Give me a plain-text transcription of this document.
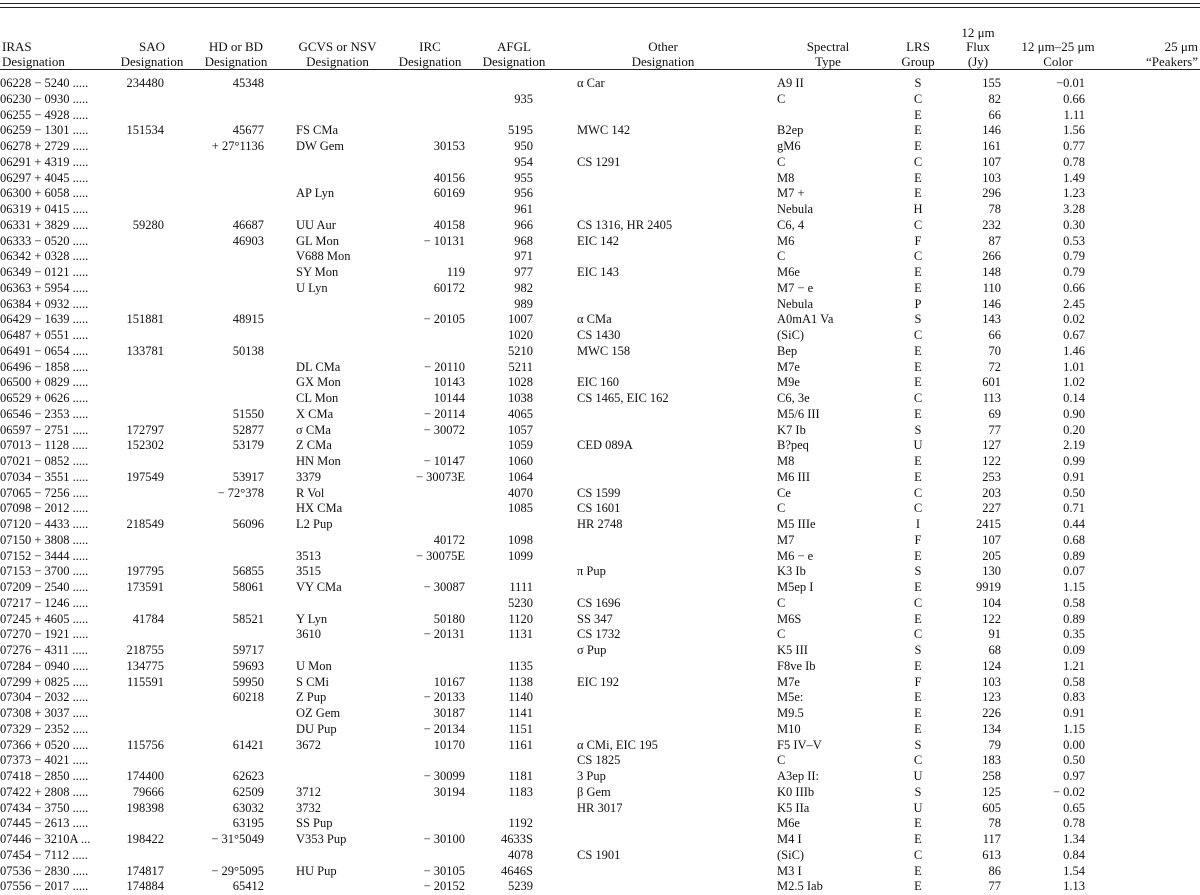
IRAS
Designation	SAO
Designation	HD or BD
Designation	GCVS or NSV
Designation	IRC
Designation	AFGL
Designation	Other
Designation	Spectral
Type	LRS
Group	12 μm
Flux
(Jy)	12 μm–25 μm
Color	25 μm
“Peakers”

06228 − 5240 .....	234480	45348				α Car	A9 II	S	155	−0.01	
06230 − 0930 .....					935		C	C	82	0.66	
06255 − 4928 .....								E	66	1.11	
06259 − 1301 .....	151534	45677	FS CMa		5195	MWC 142	B2ep	E	146	1.56	
06278 + 2729 .....		+ 27°1136	DW Gem	30153	950		gM6	E	161	0.77	
06291 + 4319 .....					954	CS 1291	C	C	107	0.78	
06297 + 4045 .....				40156	955		M8	E	103	1.49	
06300 + 6058 .....			AP Lyn	60169	956		M7 +	E	296	1.23	
06319 + 0415 .....					961		Nebula	H	78	3.28	
06331 + 3829 .....	59280	46687	UU Aur	40158	966	CS 1316, HR 2405	C6, 4	C	232	0.30	
06333 − 0520 .....		46903	GL Mon	− 10131	968	EIC 142	M6	F	87	0.53	
06342 + 0328 .....			V688 Mon		971		C	C	266	0.79	
06349 − 0121 .....			SY Mon	119	977	EIC 143	M6e	E	148	0.79	
06363 + 5954 .....			U Lyn	60172	982		M7 − e	E	110	0.66	
06384 + 0932 .....					989		Nebula	P	146	2.45	
06429 − 1639 .....	151881	48915		− 20105	1007	α CMa	A0mA1 Va	S	143	0.02	
06487 + 0551 .....					1020	CS 1430	(SiC)	C	66	0.67	
06491 − 0654 .....	133781	50138			5210	MWC 158	Bep	E	70	1.46	
06496 − 1858 .....			DL CMa	− 20110	5211		M7e	E	72	1.01	
06500 + 0829 .....			GX Mon	10143	1028	EIC 160	M9e	E	601	1.02	
06529 + 0626 .....			CL Mon	10144	1038	CS 1465, EIC 162	C6, 3e	C	113	0.14	
06546 − 2353 .....		51550	X CMa	− 20114	4065		M5/6 III	E	69	0.90	
06597 − 2751 .....	172797	52877	σ CMa	− 30072	1057		K7 Ib	S	77	0.20	
07013 − 1128 .....	152302	53179	Z CMa		1059	CED 089A	B?peq	U	127	2.19	
07021 − 0852 .....			HN Mon	− 10147	1060		M8	E	122	0.99	
07034 − 3551 .....	197549	53917	3379	− 30073E	1064		M6 III	E	253	0.91	
07065 − 7256 .....		− 72°378	R Vol		4070	CS 1599	Ce	C	203	0.50	
07098 − 2012 .....			HX CMa		1085	CS 1601	C	C	227	0.71	
07120 − 4433 .....	218549	56096	L2 Pup			HR 2748	M5 IIIe	I	2415	0.44	
07150 + 3808 .....				40172	1098		M7	F	107	0.68	
07152 − 3444 .....			3513	− 30075E	1099		M6 − e	E	205	0.89	
07153 − 3700 .....	197795	56855	3515			π Pup	K3 Ib	S	130	0.07	
07209 − 2540 .....	173591	58061	VY CMa	− 30087	1111		M5ep I	E	9919	1.15	
07217 − 1246 .....					5230	CS 1696	C	C	104	0.58	
07245 + 4605 .....	41784	58521	Y Lyn	50180	1120	SS 347	M6S	E	122	0.89	
07270 − 1921 .....			3610	− 20131	1131	CS 1732	C	C	91	0.35	
07276 − 4311 .....	218755	59717				σ Pup	K5 III	S	68	0.09	
07284 − 0940 .....	134775	59693	U Mon		1135		F8ve Ib	E	124	1.21	
07299 + 0825 .....	115591	59950	S CMi	10167	1138	EIC 192	M7e	F	103	0.58	
07304 − 2032 .....		60218	Z Pup	− 20133	1140		M5e:	E	123	0.83	
07308 + 3037 .....			OZ Gem	30187	1141		M9.5	E	226	0.91	
07329 − 2352 .....			DU Pup	− 20134	1151		M10	E	134	1.15	
07366 + 0520 .....	115756	61421	3672	10170	1161	α CMi, EIC 195	F5 IV–V	S	79	0.00	
07373 − 4021 .....						CS 1825	C	C	183	0.50	
07418 − 2850 .....	174400	62623		− 30099	1181	3 Pup	A3ep II:	U	258	0.97	
07422 + 2808 .....	79666	62509	3712	30194	1183	β Gem	K0 IIIb	S	125	− 0.02	
07434 − 3750 .....	198398	63032	3732			HR 3017	K5 IIa	U	605	0.65	
07445 − 2613 .....		63195	SS Pup		1192		M6e	E	78	0.78	
07446 − 3210A ...	198422	− 31°5049	V353 Pup	− 30100	4633S		M4 I	E	117	1.34	
07454 − 7112 .....					4078	CS 1901	(SiC)	C	613	0.84	
07536 − 2830 .....	174817	− 29°5095	HU Pup	− 30105	4646S		M3 I	E	86	1.54	
07556 − 2017 .....	174884	65412		− 20152	5239		M2.5 Iab	E	77	1.13	
